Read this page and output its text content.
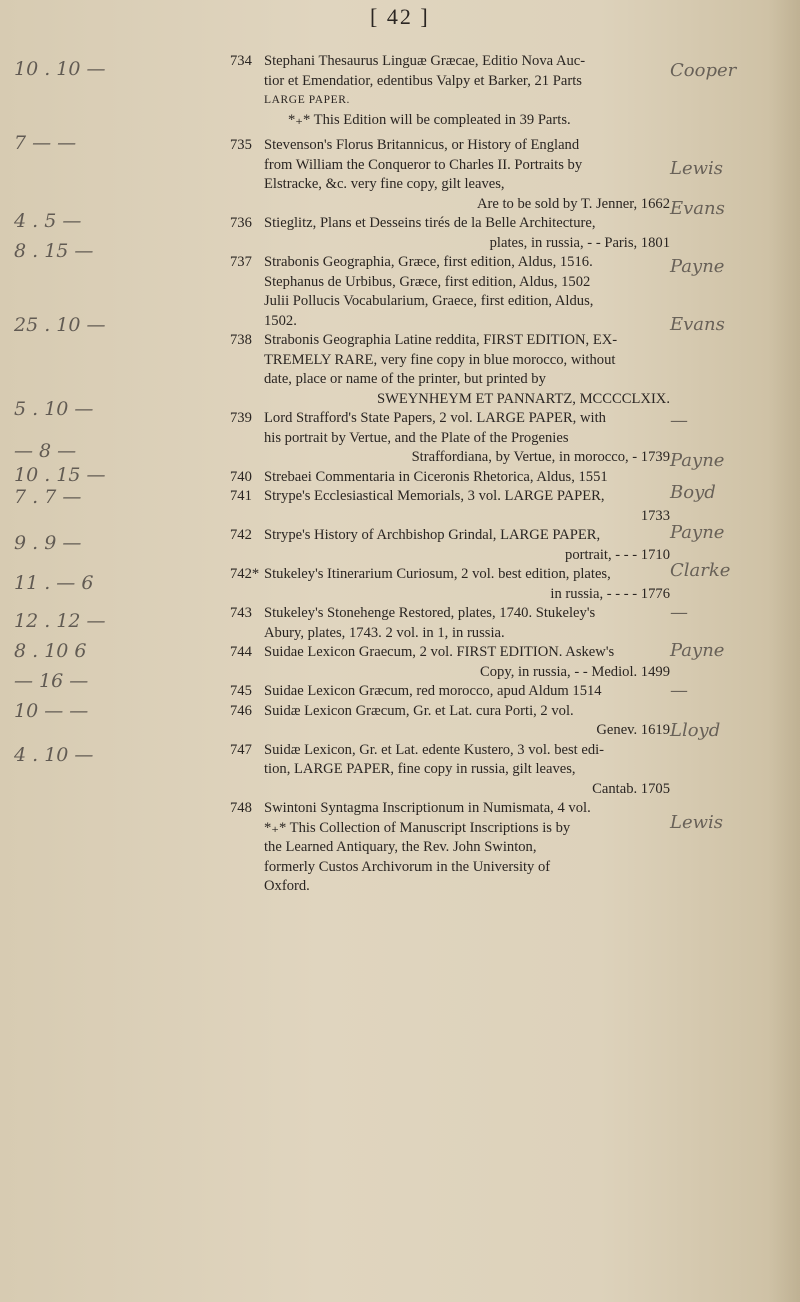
[ 42 ]
10 . 10 —
7 — —
4 . 5 —
8 . 15 —
25 . 10 —
5 . 10 —
— 8 —
10 . 15 —
7 . 7 —
9 . 9 —
11 . — 6
12 . 12 —
8 . 10 6
— 16 —
10 — —
4 . 10 —
734 Stephani Thesaurus Linguæ Græcae, Editio Nova Auc-
tior et Emendatior, edentibus Valpy et Barker, 21 Parts
LARGE PAPER.
*₊* This Edition will be compleated in 39 Parts.
735 Stevenson's Florus Britannicus, or History of England
from William the Conqueror to Charles II. Portraits by
Elstracke, &c. very fine copy, gilt leaves,
Are to be sold by T. Jenner, 1662
736 Stieglitz, Plans et Desseins tirés de la Belle Architecture,
plates, in russia, - - Paris, 1801
737 Strabonis Geographia, Græce, first edition, Aldus, 1516.
Stephanus de Urbibus, Græce, first edition, Aldus, 1502
Julii Pollucis Vocabularium, Graece, first edition, Aldus,
1502.
738 Strabonis Geographia Latine reddita, FIRST EDITION, EX-
TREMELY RARE, very fine copy in blue morocco, without
date, place or name of the printer, but printed by
SWEYNHEYM ET PANNARTZ, MCCCCLXIX.
739 Lord Strafford's State Papers, 2 vol. LARGE PAPER, with
his portrait by Vertue, and the Plate of the Progenies
Straffordiana, by Vertue, in morocco, - 1739
740 Strebaei Commentaria in Ciceronis Rhetorica, Aldus, 1551
741 Strype's Ecclesiastical Memorials, 3 vol. LARGE PAPER,
1733
742 Strype's History of Archbishop Grindal, LARGE PAPER,
portrait, - - - 1710
742* Stukeley's Itinerarium Curiosum, 2 vol. best edition, plates,
in russia, - - - - 1776
743 Stukeley's Stonehenge Restored, plates, 1740. Stukeley's
Abury, plates, 1743. 2 vol. in 1, in russia.
744 Suidae Lexicon Graecum, 2 vol. FIRST EDITION. Askew's
Copy, in russia, - - Mediol. 1499
745 Suidae Lexicon Græcum, red morocco, apud Aldum 1514
746 Suidæ Lexicon Græcum, Gr. et Lat. cura Porti, 2 vol.
Genev. 1619
747 Suidæ Lexicon, Gr. et Lat. edente Kustero, 3 vol. best edi-
tion, LARGE PAPER, fine copy in russia, gilt leaves,
Cantab. 1705
748 Swintoni Syntagma Inscriptionum in Numismata, 4 vol.
*₊* This Collection of Manuscript Inscriptions is by
the Learned Antiquary, the Rev. John Swinton,
formerly Custos Archivorum in the University of
Oxford.
Cooper
Lewis
Evans
Payne
Evans
—
Payne
Boyd
Payne
Clarke
—
Payne
—
Lloyd
Lewis
